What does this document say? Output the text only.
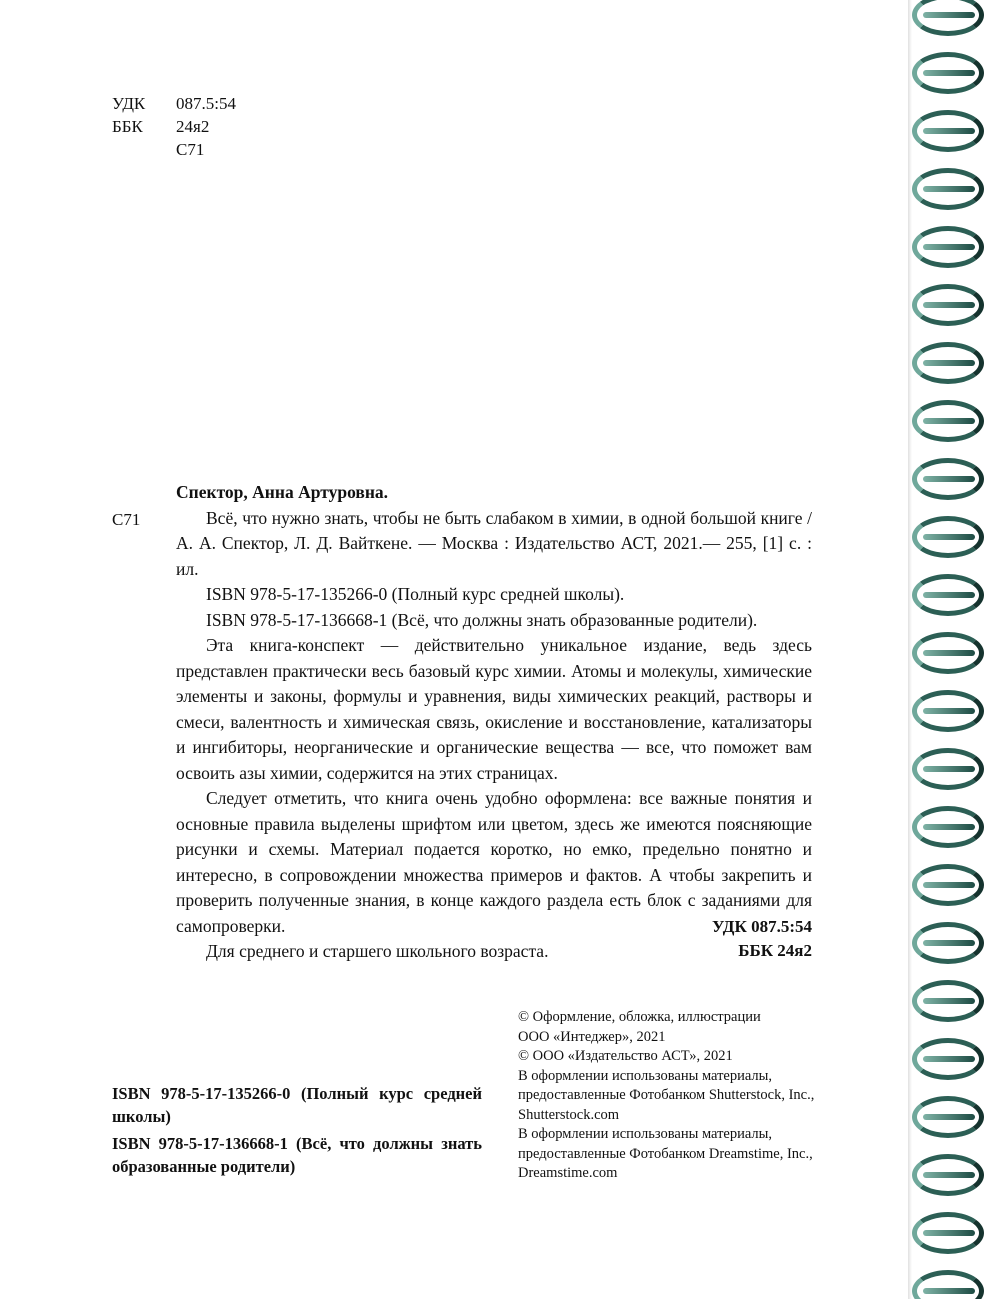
УДК	087.5:54
ББК	24я2
С71
С71

Спектор, Анна Артуровна.

Всё, что нужно знать, чтобы не быть слабаком в химии, в одной большой книге / А. А. Спектор, Л. Д. Вайткене. — Москва : Издательство АСТ, 2021.— 255, [1] с. : ил.

ISBN 978-5-17-135266-0 (Полный курс средней школы).

ISBN 978-5-17-136668-1 (Всё, что должны знать образованные родители).

Эта книга-конспект — действительно уникальное издание, ведь здесь представлен практически весь базовый курс химии. Атомы и молекулы, химические элементы и законы, формулы и уравнения, виды химических реакций, растворы и смеси, валентность и химическая связь, окисление и восстановление, катализаторы и ингибиторы, неорганические и органические вещества — все, что поможет вам освоить азы химии, содержится на этих страницах.

Следует отметить, что книга очень удобно оформлена: все важные понятия и основные правила выделены шрифтом или цветом, здесь же имеются поясняющие рисунки и схемы. Материал подается коротко, но емко, предельно понятно и интересно, в сопровождении множества примеров и фактов. А чтобы закрепить и проверить полученные знания, в конце каждого раздела есть блок с заданиями для самопроверки.

Для среднего и старшего школьного возраста.

УДК 087.5:54
ББК 24я2

© Оформление, обложка, иллюстрации

ООО «Интеджер», 2021

© ООО «Издательство АСТ», 2021

В оформлении использованы материалы,

предоставленные Фотобанком Shutterstock, Inc.,

Shutterstock.com

В оформлении использованы материалы,

предоставленные Фотобанком Dreamstime, Inc.,

Dreamstime.com

ISBN 978-5-17-135266-0 (Полный курс средней школы)

ISBN 978-5-17-136668-1 (Всё, что должны знать образованные родители)
